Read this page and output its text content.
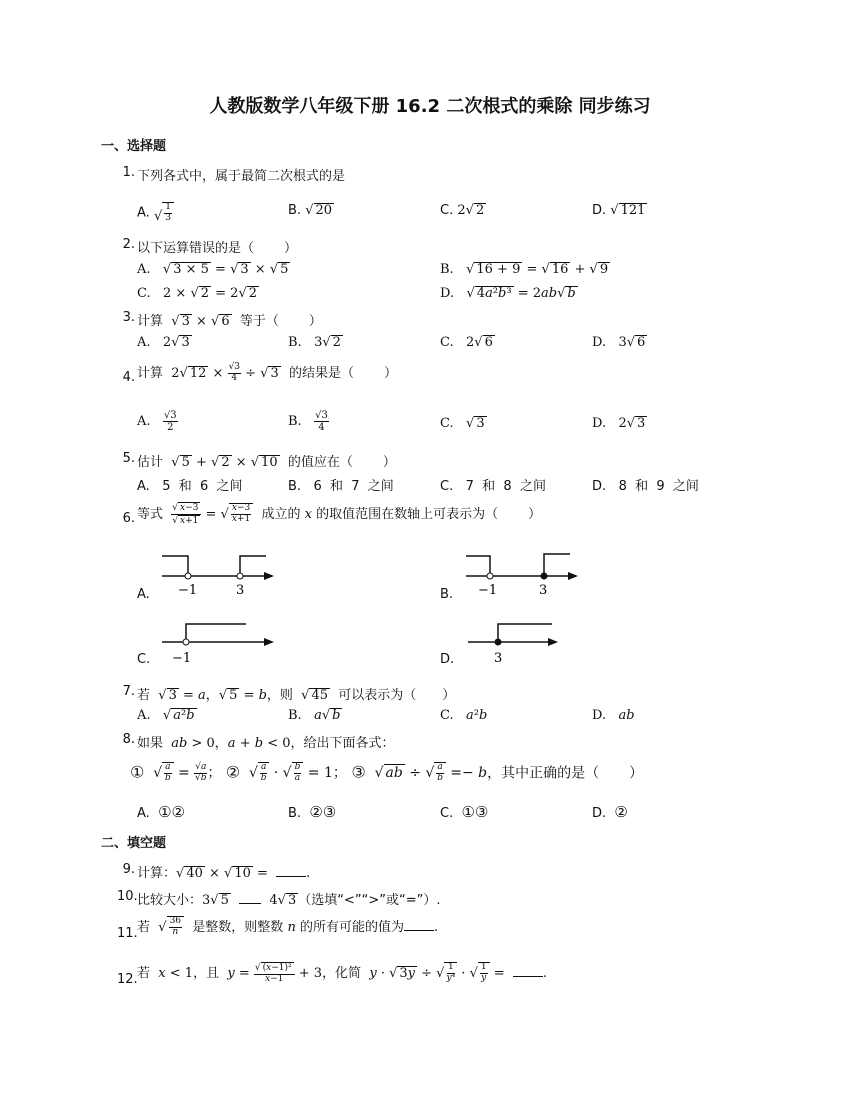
人教版数学八年级下册 16.2 二次根式的乘除 同步练习
一、选择题
1. 下列各式中，属于最简二次根式的是
A. √ $\frac{1}{3}$	B. √ 20	C. 2√ 2	D. √ 121
2. 以下运算错误的是（ ）
A.   √ 3 × 5 = √ 3 × √ 5	B.   √ 16 + 9 = √ 16 + √ 9
C.   2 × √ 2 = 2√ 2	D.   √ 4a²b³ = 2ab√ b
3. 计算 √ 3 × √ 6 等于（ ）
A.   2√ 3	B.   3√ 2	C.   2√ 6	D.   3√ 6
4. 计算 2√ $12 \times \frac{√3}{4}$ ÷ √ 3 的结果是（ ）
A. $\frac{√3}{2}$	B. $\frac{√3}{4}$	C.   √ 3	D.   2√ 3
5. 估计 √ 5 + √ 2 × √ 10 的值应在（ ）
A. 5  和  6  之间	B. 6  和  7  之间	C. 7  和  8  之间	D. 8  和  9  之间
6. 等式 $\frac{√ x-3}{√ x+1}$ = √ $\frac{x-3}{x+1}$ 成立的 x 的取值范围在数轴上可表示为（ ）
A. −1	3	B. −1	3
C. −1	D.	3
7. 若 √ 3 = a，√ 5 = b，则 √ 45 可以表示为（ ）
A.   √ a²b	B. a√ b	C. a²b	D. ab
8. 如果 ab > 0，a + b < 0，给出下面各式：
① √ $\frac{a}{b} = \frac{√a}{√b}$ ； ② √ $\frac{a}{b}$ · √ $\frac{b}{a} = 1$； ③ √ ab ÷ √ $\frac{a}{b} =- b$，其中正确的是（ ）
A. ①②	B. ②③	C. ①③	D. ②
二、填空题
9. 计算：√ 40 × √ 10 =	.
10. 比较大小：3√ 5	4√ 3 （选填“<”“>”或“=”）.
11. 若 √ $\frac{36}{n}$ 是整数，则整数 n 的所有可能的值为 .
12. 若 x < 1，且 $y = \frac{\text{√ (x−1)²}}{x-1} + 3$，化简 y · √ 3y ÷ √ $\frac{1}{\text{y⁴}}$ · √ $\frac{1}{y}$ =	.
